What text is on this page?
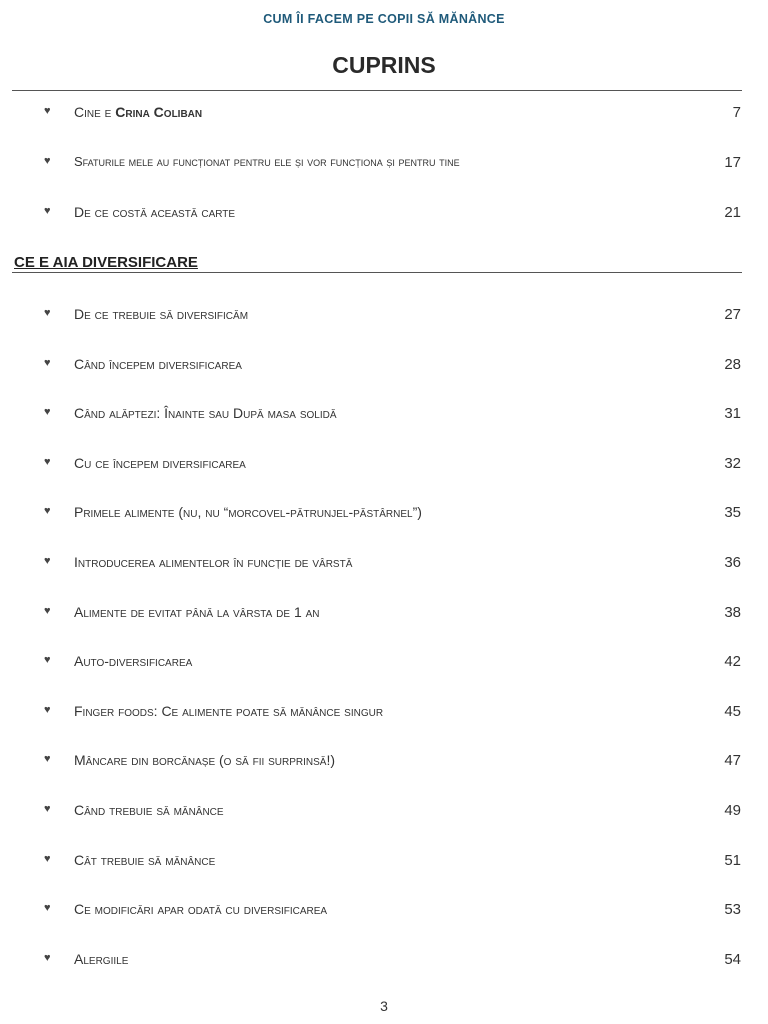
CUM ÎI FACEM PE COPII SĂ MĂNÂNCE
CUPRINS
♥ Cine e Crina Coliban	7
♥ Sfaturile mele au funcționat pentru ele și vor funcționa și pentru tine	17
♥ De ce costă această carte	21
CE E AIA DIVERSIFICARE
♥ De ce trebuie să diversificăm	27
♥ Când începem diversificarea	28
♥ Când alăptezi: Înainte sau După masa solidă	31
♥ Cu ce începem diversificarea	32
♥ Primele alimente (nu, nu “morcovel-pătrunjel-păstârnel”)	35
♥ Introducerea alimentelor în funcție de vârstă	36
♥ Alimente de evitat până la vârsta de 1 an	38
♥ Auto-diversificarea	42
♥ Finger foods: Ce alimente poate să mănânce singur	45
♥ Mâncare din borcănașe (o să fii surprinsă!)	47
♥ Când trebuie să mănânce	49
♥ Cât trebuie să mănânce	51
♥ Ce modificări apar odată cu diversificarea	53
♥ Alergiile	54
3
